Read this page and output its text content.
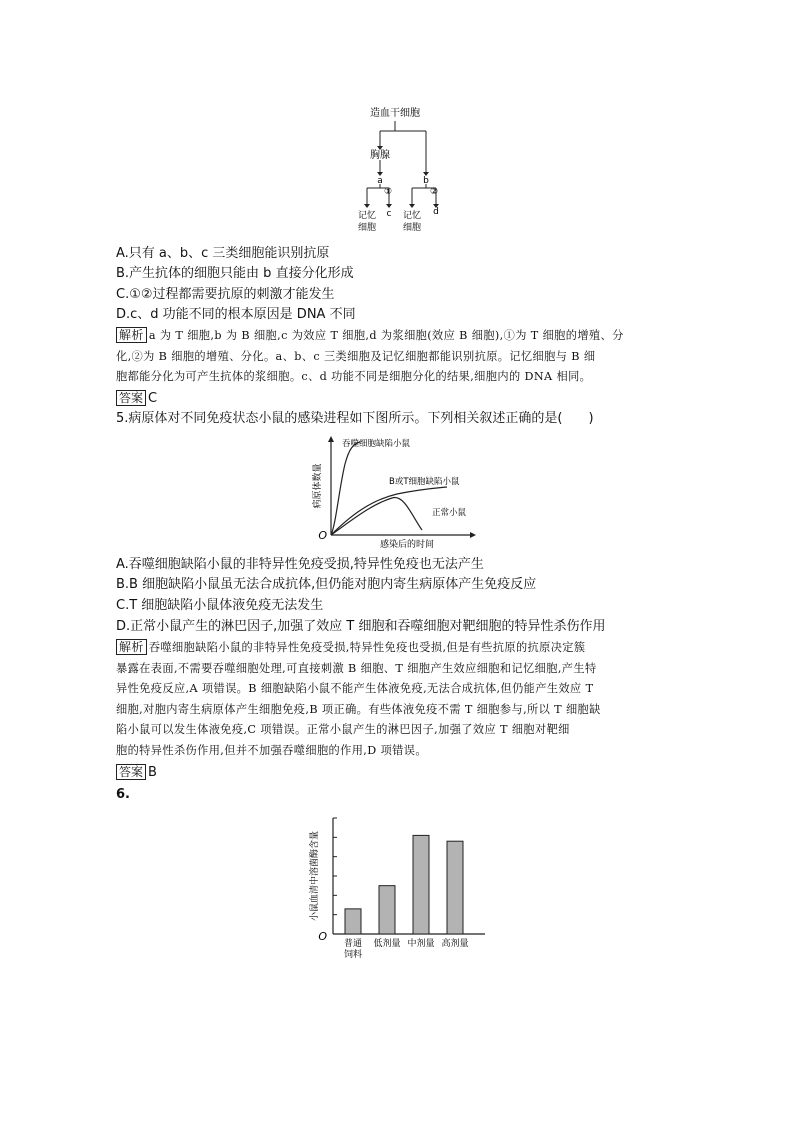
造血干细胞
胸腺
a	b
①	②
c	d
记忆
细胞
记忆
细胞
A.只有 a、b、c 三类细胞能识别抗原
B.产生抗体的细胞只能由 b 直接分化形成
C.①②过程都需要抗原的刺激才能发生
D.c、d 功能不同的根本原因是 DNA 不同
解析 a 为 T 细胞,b 为 B 细胞,c 为效应 T 细胞,d 为浆细胞(效应 B 细胞),①为 T 细胞的增殖、分
化,②为 B 细胞的增殖、分化。a、b、c 三类细胞及记忆细胞都能识别抗原。记忆细胞与 B 细
胞都能分化为可产生抗体的浆细胞。c、d 功能不同是细胞分化的结果,细胞内的 DNA 相同。
答案 C
5.病原体对不同免疫状态小鼠的感染进程如下图所示。下列相关叙述正确的是(　　)
O
病原体数量
感染后的时间
吞噬细胞缺陷小鼠
B或T细胞缺陷小鼠
正常小鼠
A.吞噬细胞缺陷小鼠的非特异性免疫受损,特异性免疫也无法产生
B.B 细胞缺陷小鼠虽无法合成抗体,但仍能对胞内寄生病原体产生免疫反应
C.T 细胞缺陷小鼠体液免疫无法发生
D.正常小鼠产生的淋巴因子,加强了效应 T 细胞和吞噬细胞对靶细胞的特异性杀伤作用
解析 吞噬细胞缺陷小鼠的非特异性免疫受损,特异性免疫也受损,但是有些抗原的抗原决定簇
暴露在表面,不需要吞噬细胞处理,可直接刺激 B 细胞、T 细胞产生效应细胞和记忆细胞,产生特
异性免疫反应,A 项错误。B 细胞缺陷小鼠不能产生体液免疫,无法合成抗体,但仍能产生效应 T
细胞,对胞内寄生病原体产生细胞免疫,B 项正确。有些体液免疫不需 T 细胞参与,所以 T 细胞缺
陷小鼠可以发生体液免疫,C 项错误。正常小鼠产生的淋巴因子,加强了效应 T 细胞对靶细
胞的特异性杀伤作用,但并不加强吞噬细胞的作用,D 项错误。
答案 B
6.
普通
饲料
低剂量 中剂量 高剂量
O
小鼠血清中溶菌酶含量
